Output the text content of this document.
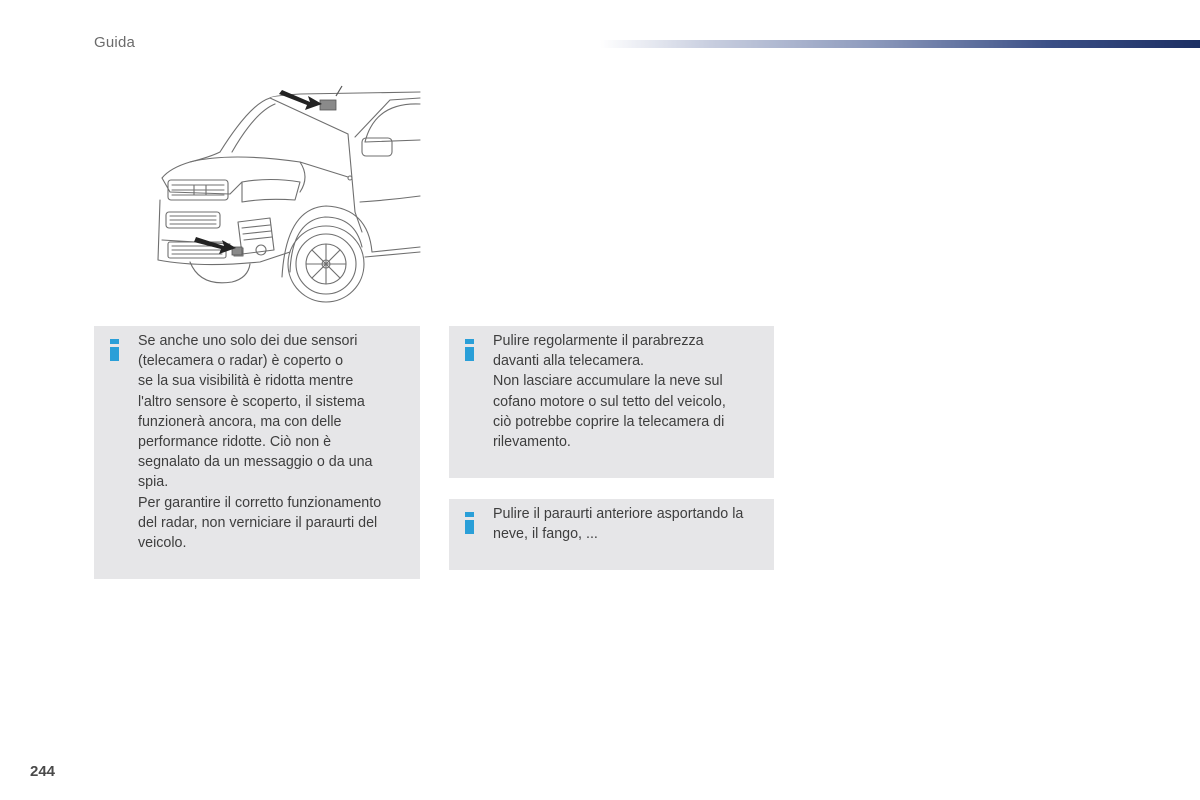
Guida
Se anche uno solo dei due sensori
(telecamera o radar) è coperto o
se la sua visibilità è ridotta mentre
l'altro sensore è scoperto, il sistema
funzionerà ancora, ma con delle
performance ridotte. Ciò non è
segnalato da un messaggio o da una
spia.
Per garantire il corretto funzionamento
del radar, non verniciare il paraurti del
veicolo.
Pulire regolarmente il parabrezza
davanti alla telecamera.
Non lasciare accumulare la neve sul
cofano motore o sul tetto del veicolo,
ciò potrebbe coprire la telecamera di
rilevamento.
Pulire il paraurti anteriore asportando la
neve, il fango, ...
244
